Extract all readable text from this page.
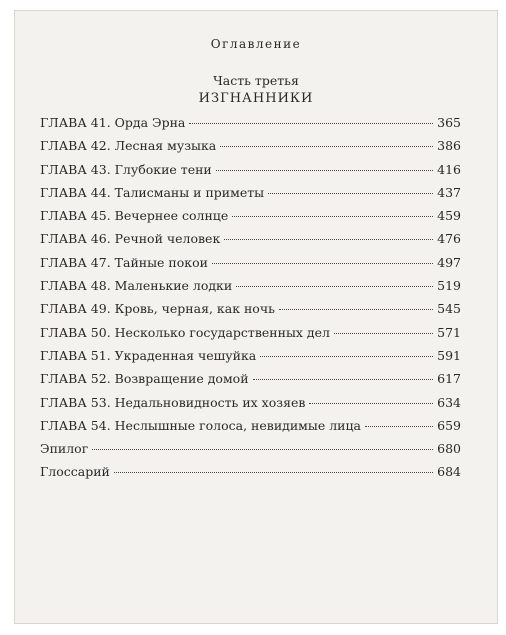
Оглавление
Часть третья
ИЗГНАННИКИ
ГЛАВА 41. Орда Эрна	365
ГЛАВА 42. Лесная музыка	386
ГЛАВА 43. Глубокие тени	416
ГЛАВА 44. Талисманы и приметы	437
ГЛАВА 45. Вечернее солнце	459
ГЛАВА 46. Речной человек	476
ГЛАВА 47. Тайные покои	497
ГЛАВА 48. Маленькие лодки	519
ГЛАВА 49. Кровь, черная, как ночь	545
ГЛАВА 50. Несколько государственных дел	571
ГЛАВА 51. Украденная чешуйка	591
ГЛАВА 52. Возвращение домой	617
ГЛАВА 53. Недальновидность их хозяев	634
ГЛАВА 54. Неслышные голоса, невидимые лица	659
Эпилог	680
Глоссарий	684
